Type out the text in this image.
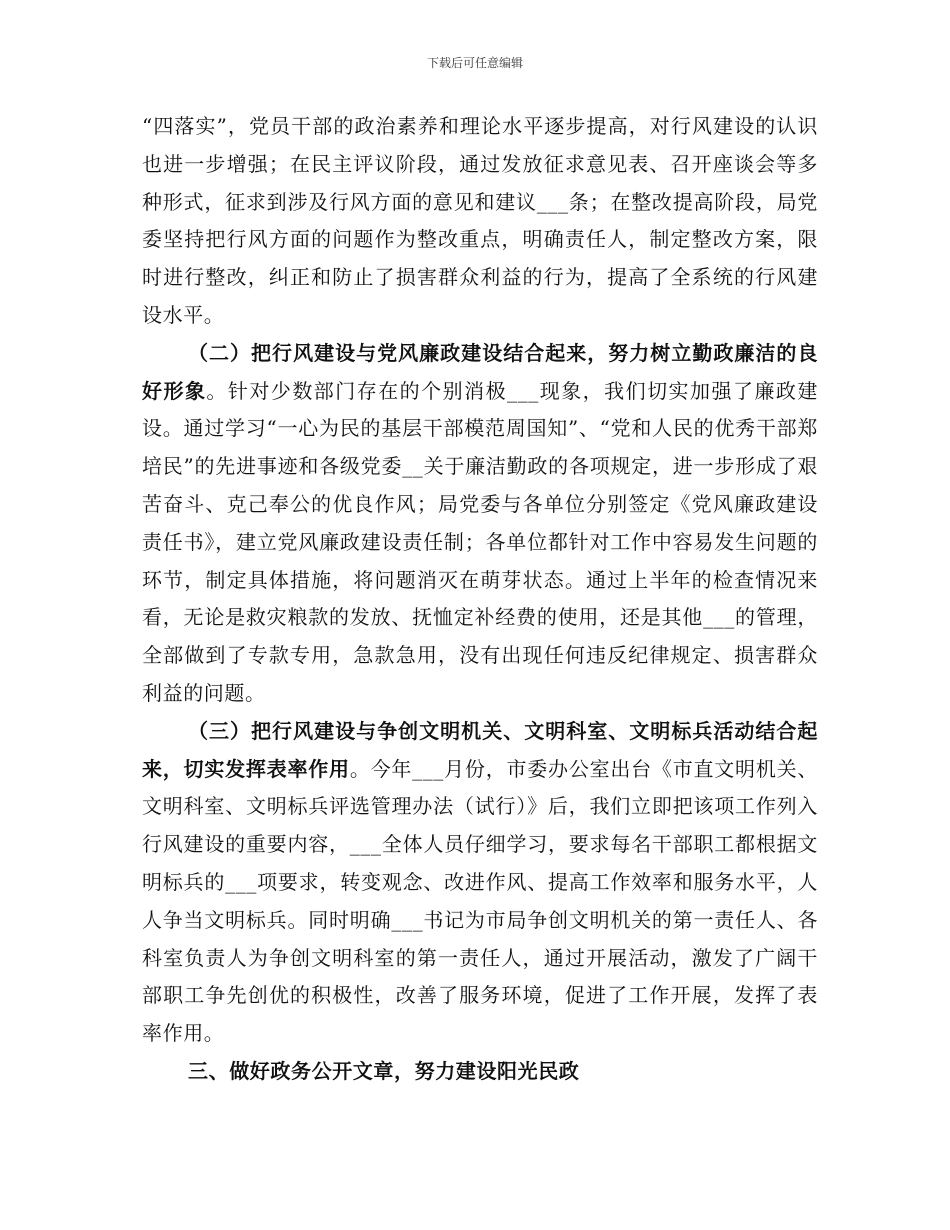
下载后可任意编辑

“四落实”，党员干部的政治素养和理论水平逐步提高，对行风建设的认识也进一步增强；在民主评议阶段，通过发放征求意见表、召开座谈会等多种形式，征求到涉及行风方面的意见和建议___条；在整改提高阶段，局党委坚持把行风方面的问题作为整改重点，明确责任人，制定整改方案，限时进行整改，纠正和防止了损害群众利益的行为，提高了全系统的行风建设水平。

（二）把行风建设与党风廉政建设结合起来，努力树立勤政廉洁的良好形象。针对少数部门存在的个别消极___现象，我们切实加强了廉政建设。通过学习“一心为民的基层干部模范周国知”、“党和人民的优秀干部郑培民”的先进事迹和各级党委__关于廉洁勤政的各项规定，进一步形成了艰苦奋斗、克己奉公的优良作风；局党委与各单位分别签定《党风廉政建设责任书》，建立党风廉政建设责任制；各单位都针对工作中容易发生问题的环节，制定具体措施，将问题消灭在萌芽状态。通过上半年的检查情况来看，无论是救灾粮款的发放、抚恤定补经费的使用，还是其他___的管理，全部做到了专款专用，急款急用，没有出现任何违反纪律规定、损害群众利益的问题。

（三）把行风建设与争创文明机关、文明科室、文明标兵活动结合起来，切实发挥表率作用。今年___月份，市委办公室出台《市直文明机关、文明科室、文明标兵评选管理办法（试行）》后，我们立即把该项工作列入行风建设的重要内容，___全体人员仔细学习，要求每名干部职工都根据文明标兵的___项要求，转变观念、改进作风、提高工作效率和服务水平，人人争当文明标兵。同时明确___书记为市局争创文明机关的第一责任人、各科室负责人为争创文明科室的第一责任人，通过开展活动，激发了广阔干部职工争先创优的积极性，改善了服务环境，促进了工作开展，发挥了表率作用。

三、做好政务公开文章，努力建设阳光民政
